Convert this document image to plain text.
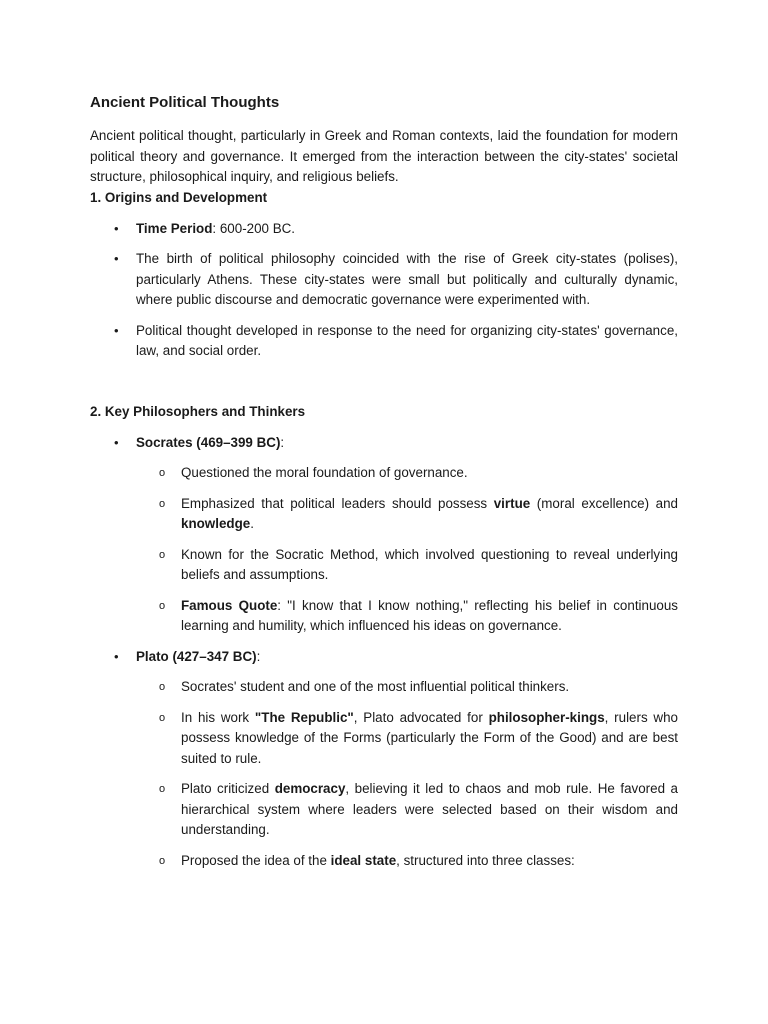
Ancient Political Thoughts

Ancient political thought, particularly in Greek and Roman contexts, laid the foundation for modern political theory and governance. It emerged from the interaction between the city-states' societal structure, philosophical inquiry, and religious beliefs.

1. Origins and Development
• Time Period: 600-200 BC.

• The birth of political philosophy coincided with the rise of Greek city-states (polises), particularly Athens. These city-states were small but politically and culturally dynamic, where public discourse and democratic governance were experimented with.

• Political thought developed in response to the need for organizing city-states' governance, law, and social order.

2. Key Philosophers and Thinkers
• Socrates (469–399 BC):

o Questioned the moral foundation of governance.

o Emphasized that political leaders should possess virtue (moral excellence) and knowledge.

o Known for the Socratic Method, which involved questioning to reveal underlying beliefs and assumptions.

o Famous Quote: "I know that I know nothing," reflecting his belief in continuous learning and humility, which influenced his ideas on governance.

• Plato (427–347 BC):

o Socrates' student and one of the most influential political thinkers.

o In his work "The Republic", Plato advocated for philosopher-kings, rulers who possess knowledge of the Forms (particularly the Form of the Good) and are best suited to rule.

o Plato criticized democracy, believing it led to chaos and mob rule. He favored a hierarchical system where leaders were selected based on their wisdom and understanding.

o Proposed the idea of the ideal state, structured into three classes:
